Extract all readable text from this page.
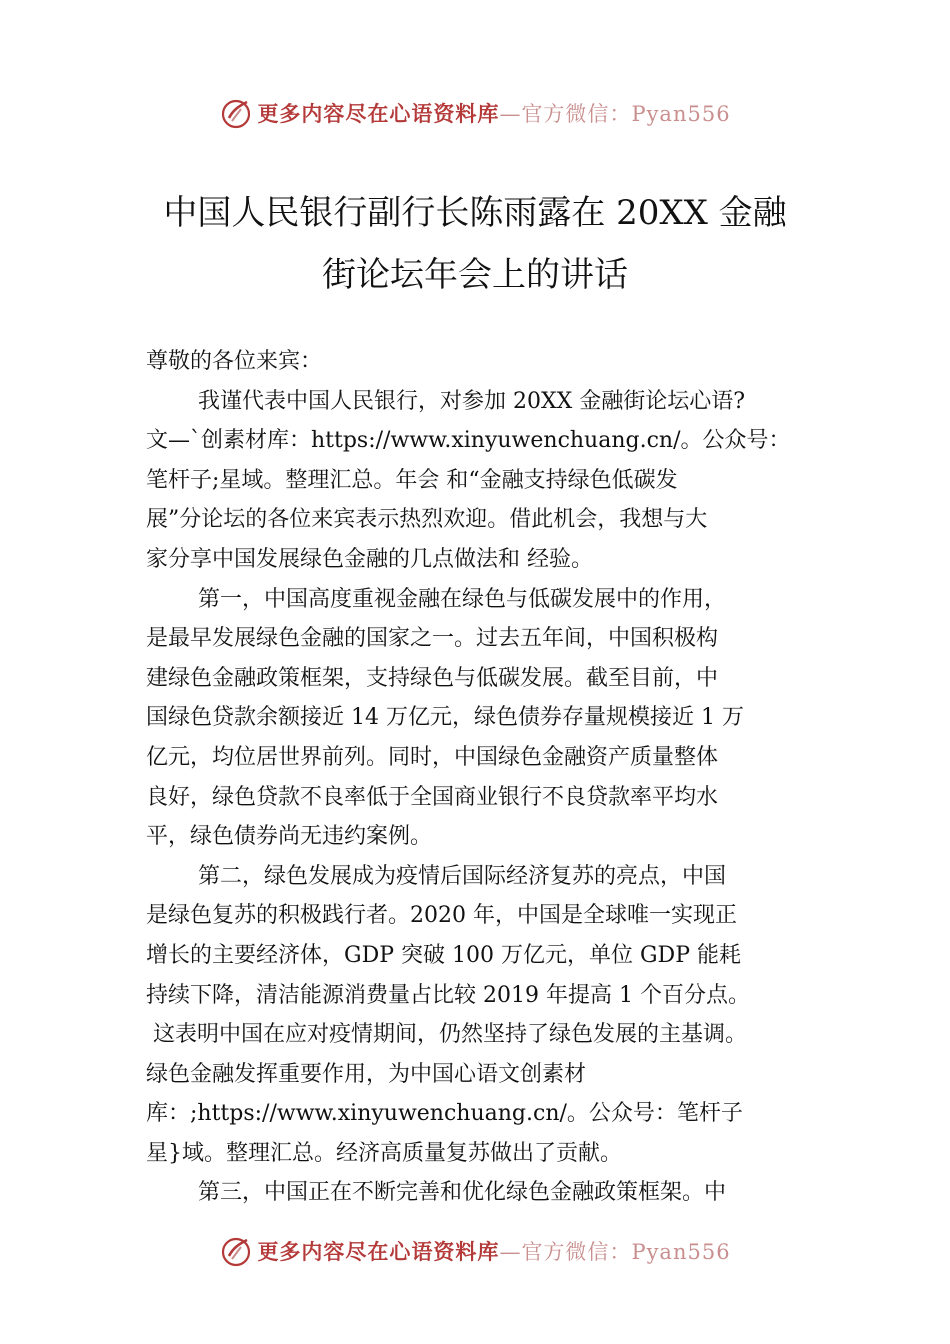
更多内容尽在心语资料库—官方微信：Pyan556
中国人民银行副行长陈雨露在 20XX 金融
街论坛年会上的讲话
尊敬的各位来宾：
我谨代表中国人民银行，对参加 20XX 金融街论坛心语?
文—`创素材库：https://www.xinyuwenchuang.cn/。公众号：
笔杆子;星域。整理汇总。年会 和“金融支持绿色低碳发
展”分论坛的各位来宾表示热烈欢迎。借此机会，我想与大
家分享中国发展绿色金融的几点做法和 经验。
第一，中国高度重视金融在绿色与低碳发展中的作用，
是最早发展绿色金融的国家之一。过去五年间，中国积极构
建绿色金融政策框架，支持绿色与低碳发展。截至目前，中
国绿色贷款余额接近 14 万亿元，绿色债券存量规模接近 1 万
亿元，均位居世界前列。同时，中国绿色金融资产质量整体
良好，绿色贷款不良率低于全国商业银行不良贷款率平均水
平，绿色债券尚无违约案例。
第二，绿色发展成为疫情后国际经济复苏的亮点，中国
是绿色复苏的积极践行者。2020 年，中国是全球唯一实现正
增长的主要经济体，GDP 突破 100 万亿元，单位 GDP 能耗
持续下降，清洁能源消费量占比较 2019 年提高 1 个百分点。
这表明中国在应对疫情期间，仍然坚持了绿色发展的主基调。
绿色金融发挥重要作用，为中国心语文创素材
库：;https://www.xinyuwenchuang.cn/。公众号：笔杆子
星}域。整理汇总。经济高质量复苏做出了贡献。
第三，中国正在不断完善和优化绿色金融政策框架。中
更多内容尽在心语资料库—官方微信：Pyan556
